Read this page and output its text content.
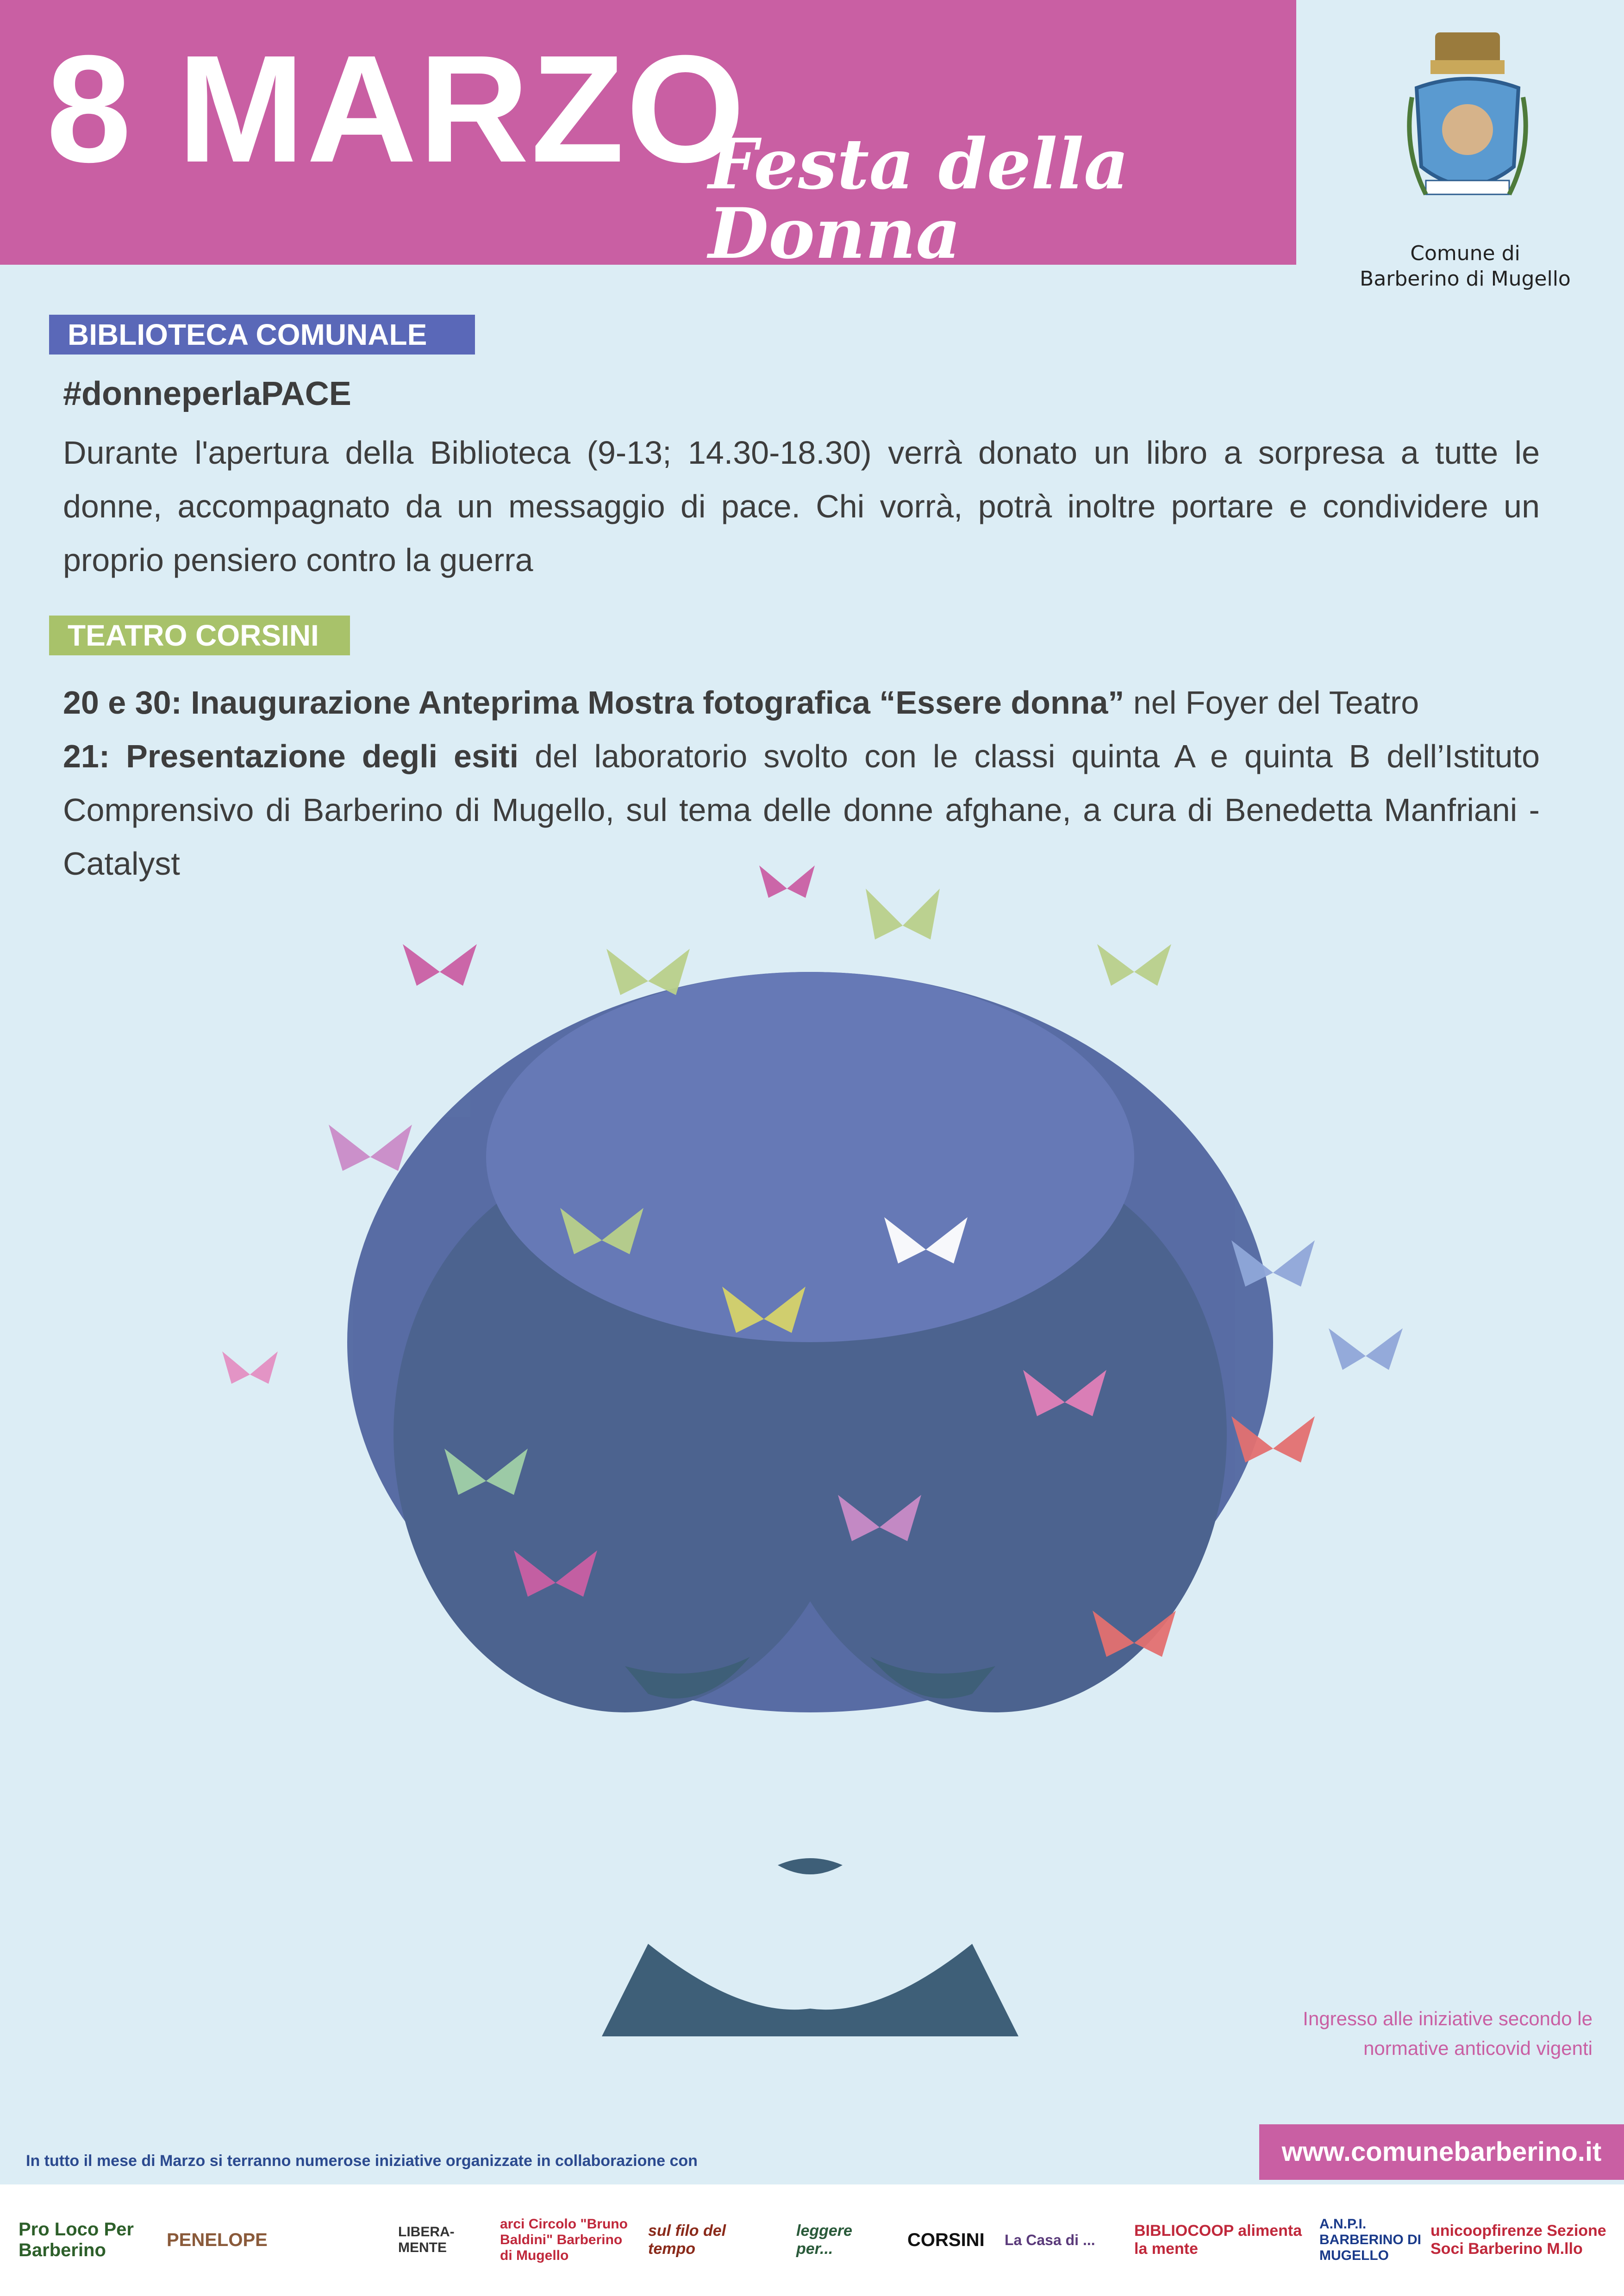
8 MARZO
Festa della Donna	Comune di
Barberino di Mugello
BIBLIOTECA COMUNALE
#donneperlaPACE
Durante l'apertura della Biblioteca (9-13; 14.30-18.30) verrà donato un libro a sorpresa a tutte le donne, accompagnato da un messaggio di pace. Chi vorrà, potrà inoltre portare e condividere un proprio pensiero contro la guerra
TEATRO CORSINI

20 e 30: Inaugurazione Anteprima Mostra fotografica “Essere donna” nel Foyer del Teatro

21: Presentazione degli esiti del laboratorio svolto con le classi quinta A e quinta B dell’Istituto Comprensivo di Barberino di Mugello, sul tema delle donne afghane, a cura di Benedetta Manfriani - Catalyst

Ingresso alle iniziative secondo le
normative anticovid vigenti
www.comunebarberino.it
In tutto il mese di Marzo si terranno numerose iniziative organizzate in collaborazione con
Pro Loco Per Barberino
PENELOPE	LIBERA-MENTE
arci Circolo "Bruno Baldini" Barberino di Mugello
sul filo del tempo
leggere per...	CORSINI	La Casa di ...
BIBLIOCOOP alimenta la mente
A.N.P.I. BARBERINO DI MUGELLO
unicoopfirenze Sezione Soci Barberino M.llo
